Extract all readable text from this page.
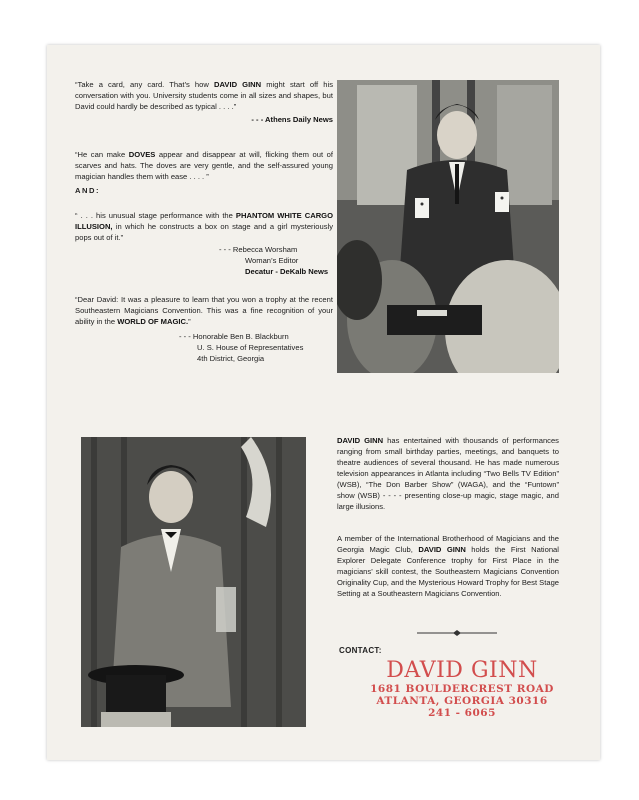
“Take a card, any card. That’s how DAVID GINN might start off his conversation with you. University students come in all sizes and shapes, but David could hardly be described as typical . . . .”

- - - Athens Daily News

“He can make DOVES appear and disappear at will, flicking them out of scarves and hats. The doves are very gentle, and the self-assured young magician handles them with ease . . . . ”

AND:

“ . . . his unusual stage performance with the PHANTOM WHITE CARGO ILLUSION, in which he constructs a box on stage and a girl mysteriously pops out of it.”

- - - Rebecca Worsham

Woman’s Editor

Decatur - DeKalb News

“Dear David: It was a pleasure to learn that you won a trophy at the recent Southeastern Magicians Convention. This was a fine recognition of your ability in the WORLD OF MAGIC.”

- - - Honorable Ben B. Blackburn

U. S. House of Representatives

4th District, Georgia

DAVID GINN has entertained with thousands of performances ranging from small birthday parties, meetings, and banquets to theatre audiences of several thousand. He has made numerous television appearances in Atlanta including “Two Bells TV Edition” (WSB), “The Don Barber Show” (WAGA), and the “Funtown” show (WSB) - - - - presenting close-up magic, stage magic, and large illusions.

A member of the International Brotherhood of Magicians and the Georgia Magic Club, DAVID GINN holds the First National Explorer Delegate Conference trophy for First Place in the magicians’ skill contest, the Southeastern Magicians Convention Originality Cup, and the Mysterious Howard Trophy for Best Stage Setting at a Southeastern Magicians Convention.

CONTACT:
DAVID GINN
1681 BOULDERCREST ROAD
ATLANTA, GEORGIA 30316
241 - 6065
